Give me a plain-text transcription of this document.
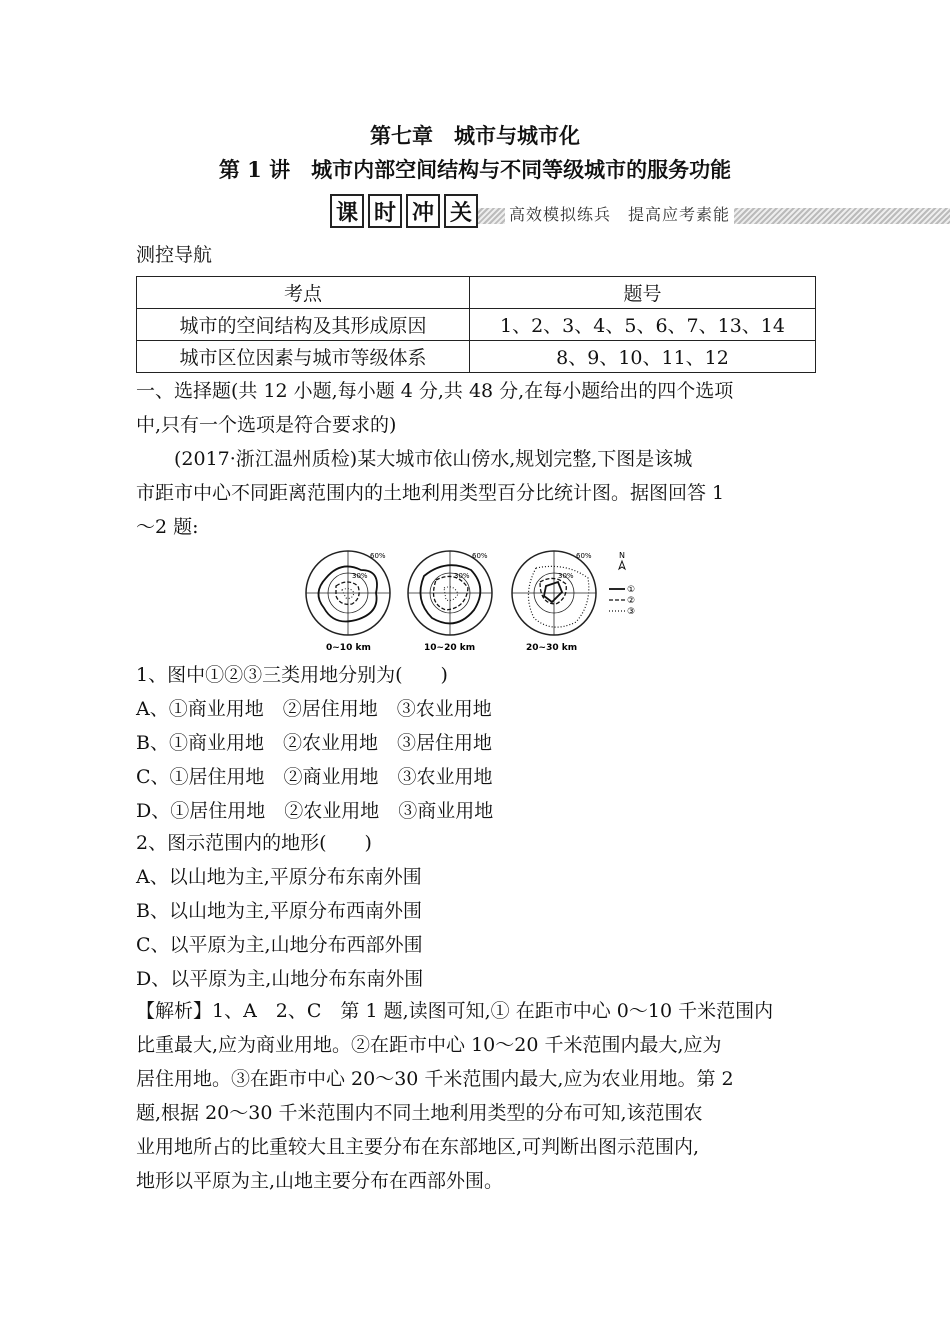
第七章　城市与城市化
第 1 讲　城市内部空间结构与不同等级城市的服务功能
高效模拟练兵　提高应考素能
课 时 冲 关
测控导航
考点	题号
城市的空间结构及其形成原因	1、2、3、4、5、6、7、13、14
城市区位因素与城市等级体系	8、9、10、11、12
一、选择题(共 12 小题,每小题 4 分,共 48 分,在每小题给出的四个选项
中,只有一个选项是符合要求的)
(2017·浙江温州质检)某大城市依山傍水,规划完整,下图是该城
市距市中心不同距离范围内的土地利用类型百分比统计图。据图回答 1
～2 题:
60%
30%
0~10 km
60%
30%
10~20 km
60%
30%
20~30 km
N
①
②
③
1、图中①②③三类用地分别为(　　)
A、①商业用地　②居住用地　③农业用地
B、①商业用地　②农业用地　③居住用地
C、①居住用地　②商业用地　③农业用地
D、①居住用地　②农业用地　③商业用地
2、图示范围内的地形(　　)
A、以山地为主,平原分布东南外围
B、以山地为主,平原分布西南外围
C、以平原为主,山地分布西部外围
D、以平原为主,山地分布东南外围
【解析】1、A　2、C　第 1 题,读图可知,① 在距市中心 0～10 千米范围内
比重最大,应为商业用地。②在距市中心 10～20 千米范围内最大,应为
居住用地。③在距市中心 20～30 千米范围内最大,应为农业用地。第 2
题,根据 20～30 千米范围内不同土地利用类型的分布可知,该范围农
业用地所占的比重较大且主要分布在东部地区,可判断出图示范围内,
地形以平原为主,山地主要分布在西部外围。
